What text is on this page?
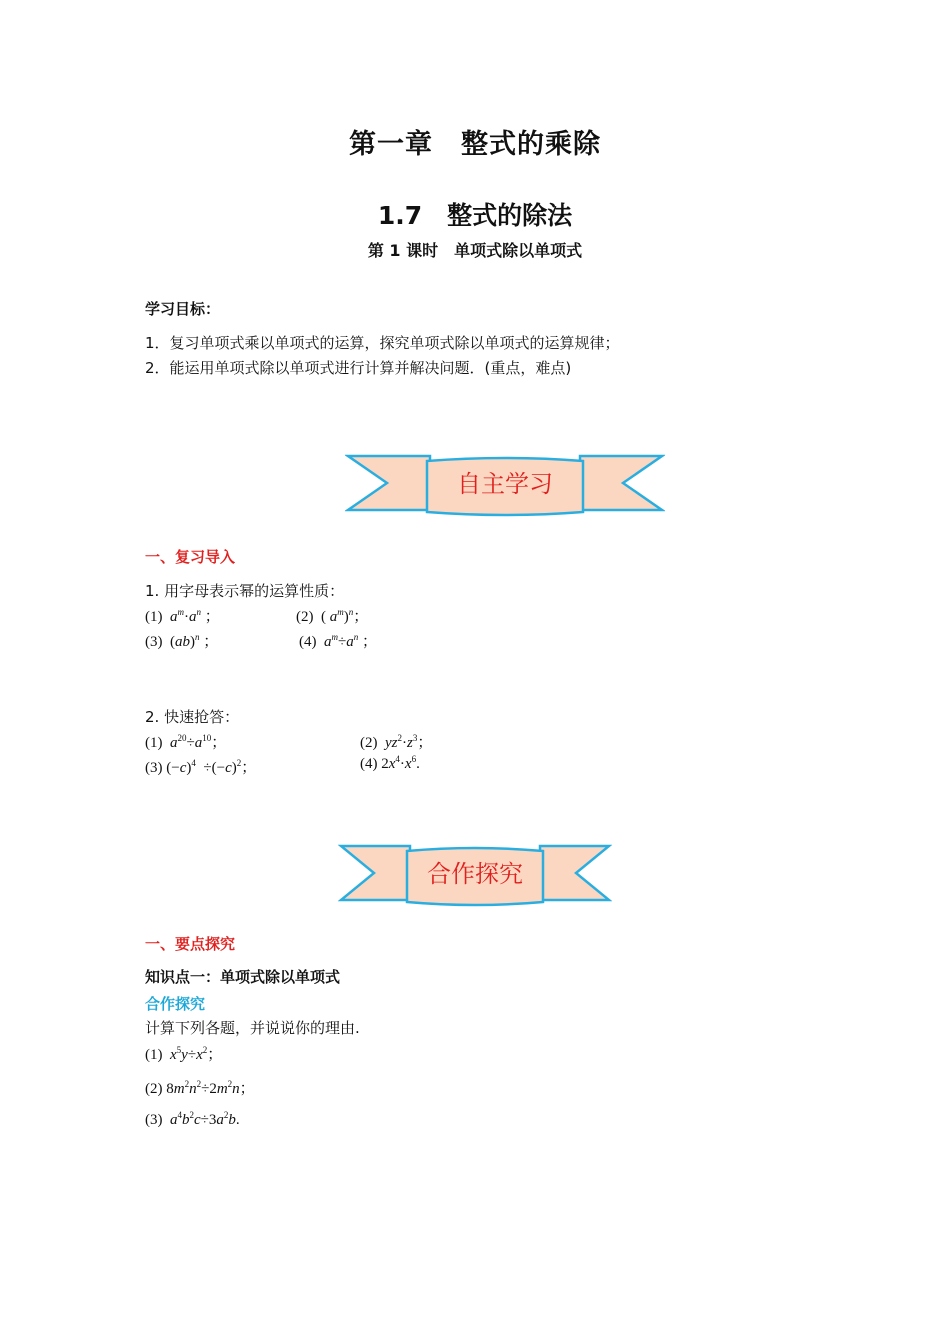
第一章　整式的乘除
1.7　整式的除法
第 1 课时　单项式除以单项式
学习目标：
1．复习单项式乘以单项式的运算，探究单项式除以单项式的运算规律；
2．能运用单项式除以单项式进行计算并解决问题．(重点，难点)
自主学习
一、复习导入
1. 用字母表示幂的运算性质：
(1) $a^m\cdot a^n$ ；	(2) ( $a^m)^n$；
(3) (ab)$^n$ ；	(4) $a^m\div a^n$ ；
2. 快速抢答：
(1) $a^{20}\div a^{10}$；	(2) $yz^2\cdot z^3$；
(3) $(-c)^4 \div(-c)^2$；	(4) $2x^4\cdot x^6$.
合作探究
一、要点探究
知识点一：单项式除以单项式
合作探究
计算下列各题，并说说你的理由.
(1) $x^5y\div x^2$；
(2) $8m^2n^2\div 2m^2n$；
(3) $a^4b^2c\div 3a^2b$.
